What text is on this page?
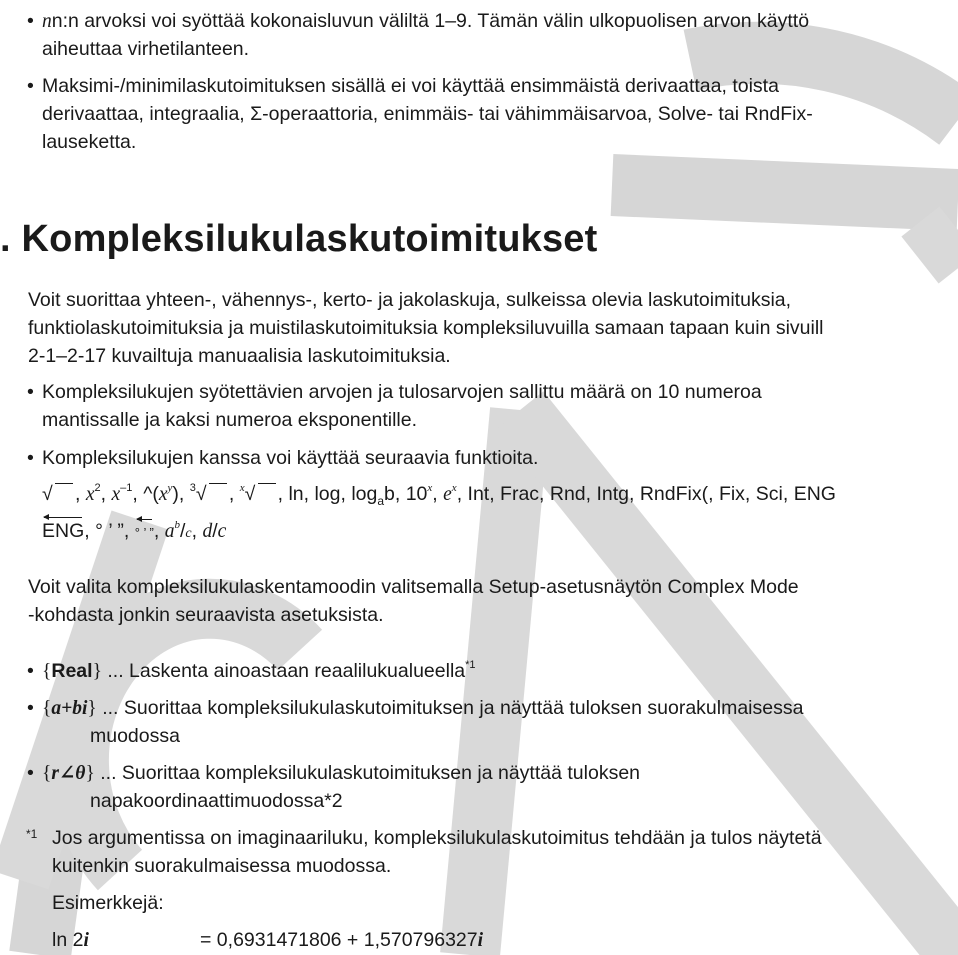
• nn:n arvoksi voi syöttää kokonaisluvun väliltä 1–9. Tämän välin ulkopuolisen arvon käyttö
aiheuttaa virhetilanteen.
• Maksimi-/minimilaskutoimituksen sisällä ei voi käyttää ensimmäistä derivaattaa, toista
derivaattaa, integraalia, Σ-operaattoria, enimmäis- tai vähimmäisarvoa, Solve- tai RndFix-
lauseketta.
. Kompleksilukulaskutoimitukset
Voit suorittaa yhteen-, vähennys-, kerto- ja jakolaskuja, sulkeissa olevia laskutoimituksia,
funktiolaskutoimituksia ja muistilaskutoimituksia kompleksiluvuilla samaan tapaan kuin sivuill
2-1–2-17 kuvailtuja manuaalisia laskutoimituksia.
• Kompleksilukujen syötettävien arvojen ja tulosarvojen sallittu määrä on 10 numeroa
mantissalle ja kaksi numeroa eksponentille.
• Kompleksilukujen kanssa voi käyttää seuraavia funktioita.
√ , $x^2$, $x^{-1}$, $\^{}(x^y)$, $^3$ √ , $^x$ √ , ln, log, $\log_ab$, 10$^x$, $e^x$, Int, Frac, Rnd, Intg, RndFix(, Fix, Sci, ENG
ENG, ° ’ ”, ° ’ ”, $a^b/c$, d/c
Voit valita kompleksilukulaskentamoodin valitsemalla Setup-asetusnäytön Complex Mode
-kohdasta jonkin seuraavista asetuksista.
• {Real} ... Laskenta ainoastaan reaalilukualueella$^{*1}$
• {a+bi} ... Suorittaa kompleksilukulaskutoimituksen ja näyttää tuloksen suorakulmaisessa
muodossa
• {r∠θ} ... Suorittaa kompleksilukulaskutoimituksen ja näyttää tuloksen
napakoordinaattimuodossa*2
*1 Jos argumentissa on imaginaariluku, kompleksilukulaskutoimitus tehdään ja tulos näytetä
kuitenkin suorakulmaisessa muodossa.
Esimerkkejä:
ln 2i	= 0,6931471806 + 1,570796327i
